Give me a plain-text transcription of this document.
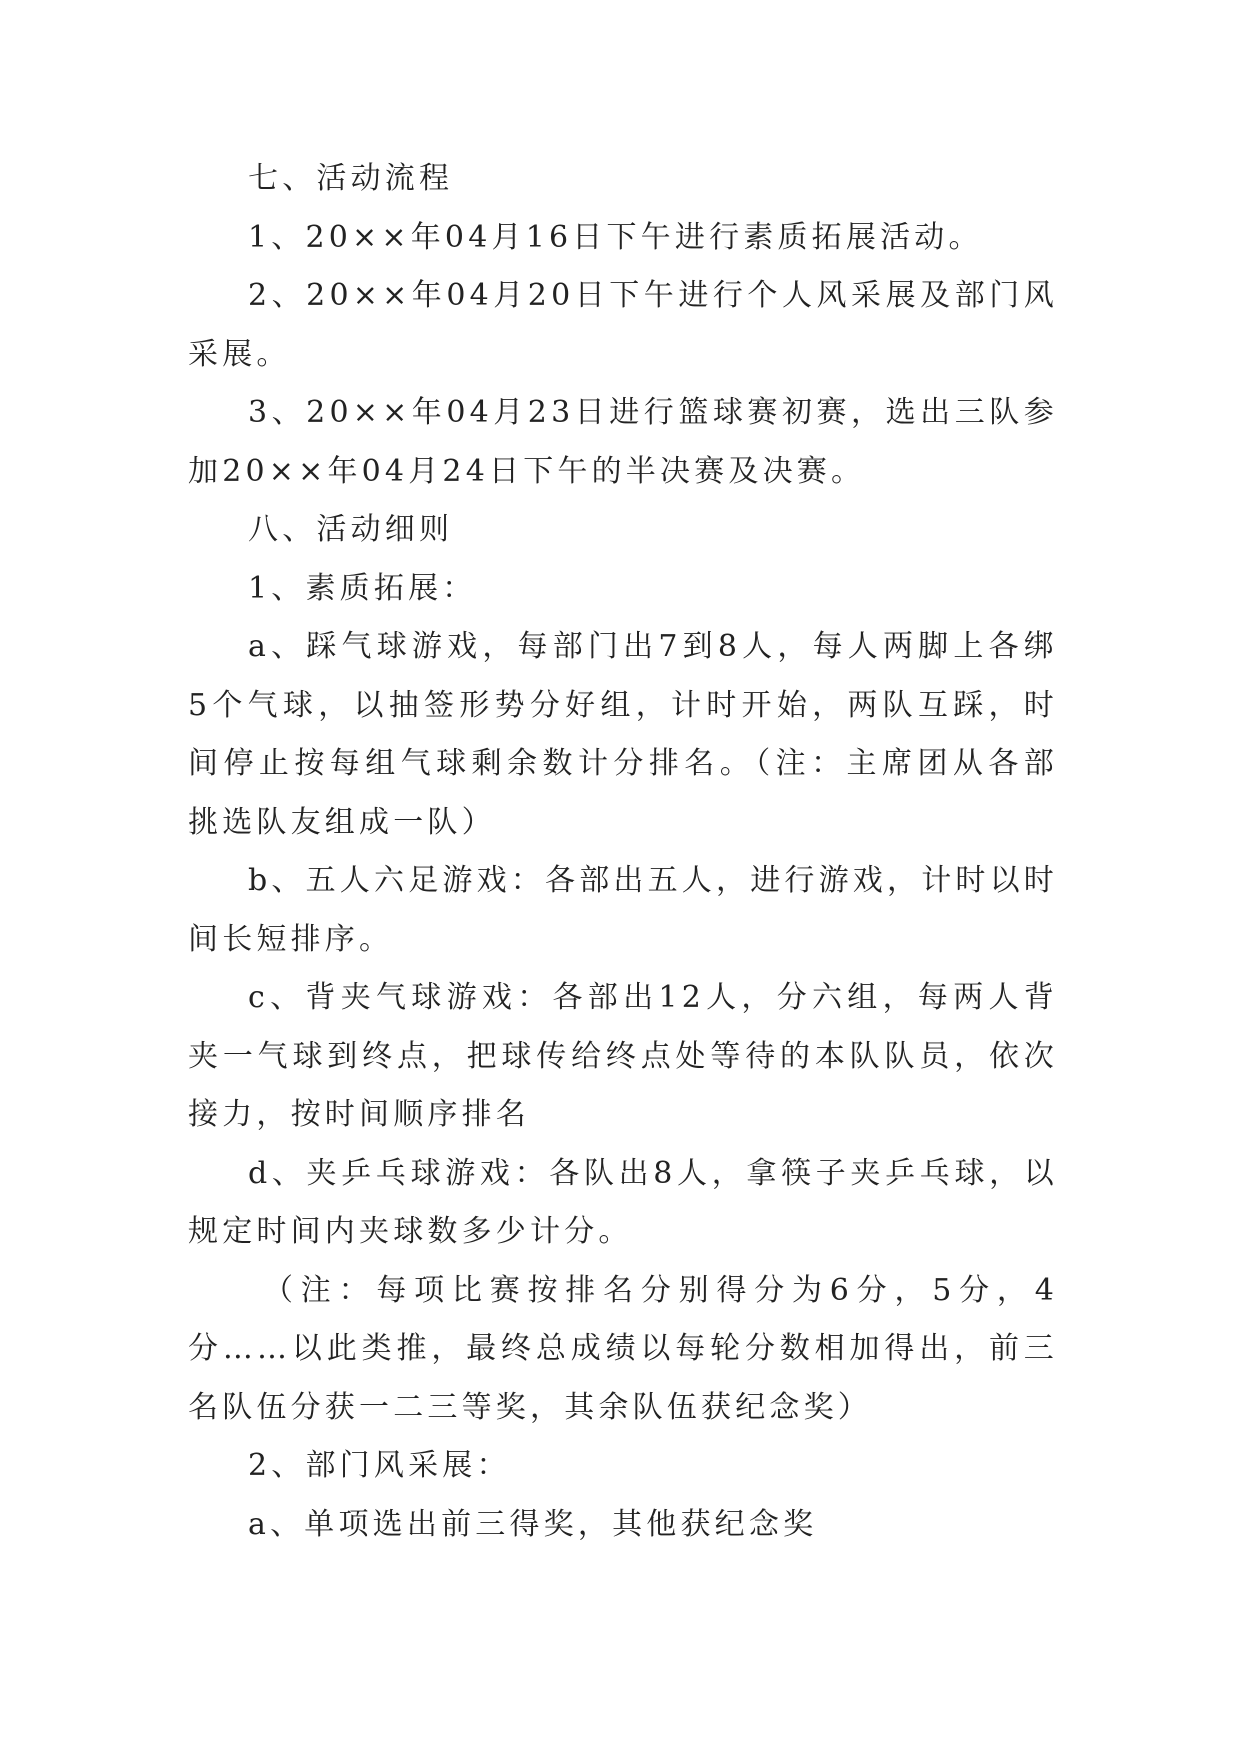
七、活动流程

1、20××年04月16日下午进行素质拓展活动。

2、20××年04月20日下午进行个人风采展及部门风采展。

3、20××年04月23日进行篮球赛初赛，选出三队参加20××年04月24日下午的半决赛及决赛。

八、活动细则

1、素质拓展：

a、踩气球游戏，每部门出7到8人，每人两脚上各绑5个气球，以抽签形势分好组，计时开始，两队互踩，时间停止按每组气球剩余数计分排名。（注：主席团从各部挑选队友组成一队）

b、五人六足游戏：各部出五人，进行游戏，计时以时间长短排序。

c、背夹气球游戏：各部出12人，分六组，每两人背夹一气球到终点，把球传给终点处等待的本队队员，依次接力，按时间顺序排名

d、夹乒乓球游戏：各队出8人，拿筷子夹乒乓球，以规定时间内夹球数多少计分。

（注：每项比赛按排名分别得分为6分，5分，4分……以此类推，最终总成绩以每轮分数相加得出，前三名队伍分获一二三等奖，其余队伍获纪念奖）

2、部门风采展：

a、单项选出前三得奖，其他获纪念奖
